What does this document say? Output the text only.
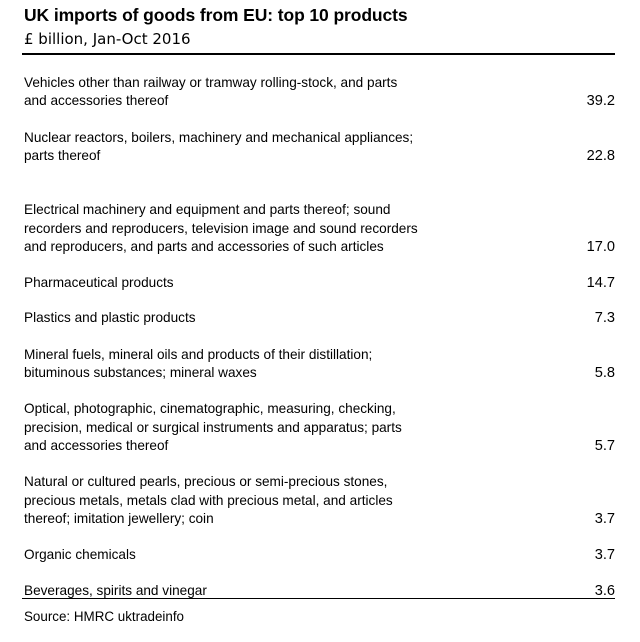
UK imports of goods from EU: top 10 products
£ billion, Jan-Oct 2016
Vehicles other than railway or tramway rolling-stock, and parts
and accessories thereof	39.2
Nuclear reactors, boilers, machinery and mechanical appliances;
parts thereof	22.8
Electrical machinery and equipment and parts thereof; sound
recorders and reproducers, television image and sound recorders
and reproducers, and parts and accessories of such articles	17.0
Pharmaceutical products	14.7
Plastics and plastic products	7.3
Mineral fuels, mineral oils and products of their distillation;
bituminous substances; mineral waxes	5.8
Optical, photographic, cinematographic, measuring, checking,
precision, medical or surgical instruments and apparatus; parts
and accessories thereof	5.7
Natural or cultured pearls, precious or semi-precious stones,
precious metals, metals clad with precious metal, and articles
thereof; imitation jewellery; coin	3.7
Organic chemicals	3.7
Beverages, spirits and vinegar	3.6
Source: HMRC uktradeinfo
